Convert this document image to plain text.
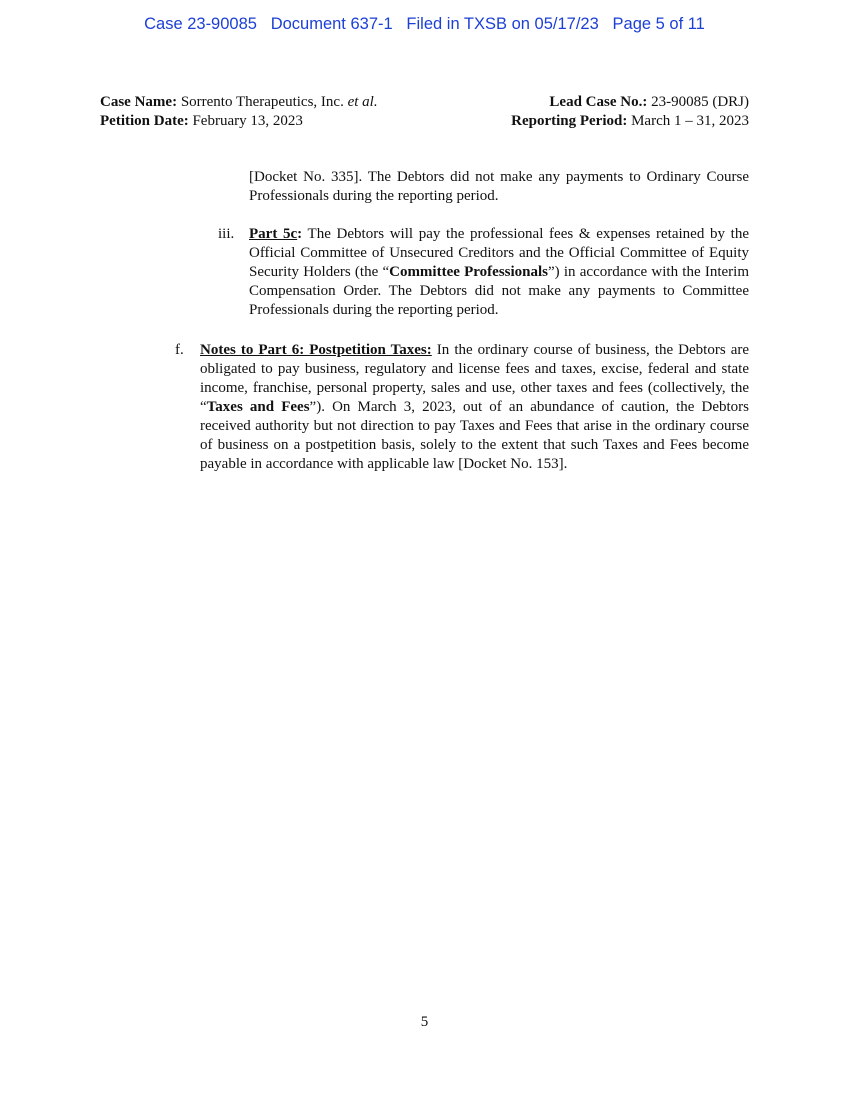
Case 23-90085   Document 637-1   Filed in TXSB on 05/17/23   Page 5 of 11
Case Name: Sorrento Therapeutics, Inc. et al.
Petition Date: February 13, 2023
Lead Case No.: 23-90085 (DRJ)
Reporting Period: March 1 – 31, 2023
[Docket No. 335]. The Debtors did not make any payments to Ordinary Course Professionals during the reporting period.
iii. Part 5c: The Debtors will pay the professional fees & expenses retained by the Official Committee of Unsecured Creditors and the Official Committee of Equity Security Holders (the “Committee Professionals”) in accordance with the Interim Compensation Order. The Debtors did not make any payments to Committee Professionals during the reporting period.
f. Notes to Part 6: Postpetition Taxes: In the ordinary course of business, the Debtors are obligated to pay business, regulatory and license fees and taxes, excise, federal and state income, franchise, personal property, sales and use, other taxes and fees (collectively, the “Taxes and Fees”). On March 3, 2023, out of an abundance of caution, the Debtors received authority but not direction to pay Taxes and Fees that arise in the ordinary course of business on a postpetition basis, solely to the extent that such Taxes and Fees become payable in accordance with applicable law [Docket No. 153].
5
